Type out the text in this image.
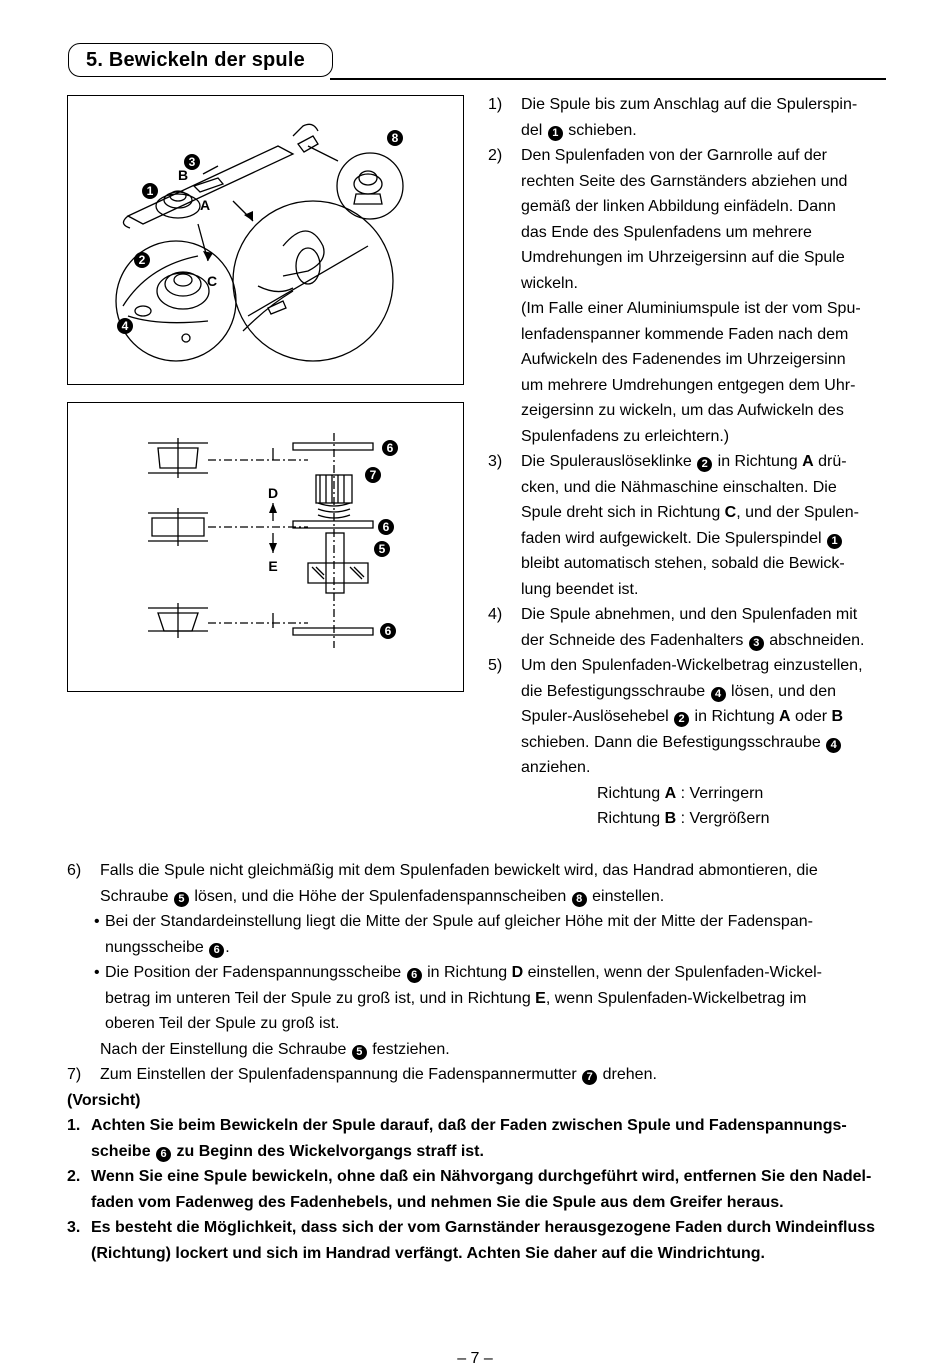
5. Bewickeln der spule
1
3
2
4
8
B
A
C
D
E
6
7
6
5
6
1) Die Spule bis zum Anschlag auf die Spulerspin-
del 1 schieben.
2) Den Spulenfaden von der Garnrolle auf der
rechten Seite des Garnständers abziehen und
gemäß der linken Abbildung einfädeln. Dann
das Ende des Spulenfadens um mehrere
Umdrehungen im Uhrzeigersinn auf die Spule
wickeln.
(Im Falle einer Aluminiumspule ist der vom Spu-
lenfadenspanner kommende Faden nach dem
Aufwickeln des Fadenendes im Uhrzeigersinn
um mehrere Umdrehungen entgegen dem Uhr-
zeigersinn zu wickeln, um das Aufwickeln des
Spulenfadens zu erleichtern.)
3) Die Spulerauslöseklinke 2 in Richtung A drü-
cken, und die Nähmaschine einschalten. Die
Spule dreht sich in Richtung C, und der Spulen-
faden wird aufgewickelt. Die Spulerspindel 1
bleibt automatisch stehen, sobald die Bewick-
lung beendet ist.
4) Die Spule abnehmen, und den Spulenfaden mit
der Schneide des Fadenhalters 3 abschneiden.
5) Um den Spulenfaden-Wickelbetrag einzustellen,
die Befestigungsschraube 4 lösen, und den
Spuler-Auslösehebel 2 in Richtung A oder B
schieben. Dann die Befestigungsschraube 4
anziehen.
Richtung A : Verringern
Richtung B : Vergrößern
6) Falls die Spule nicht gleichmäßig mit dem Spulenfaden bewickelt wird, das Handrad abmontieren, die
Schraube 5 lösen, und die Höhe der Spulenfadenspannscheiben 8 einstellen.
• Bei der Standardeinstellung liegt die Mitte der Spule auf gleicher Höhe mit der Mitte der Fadenspan-
nungsscheibe 6 .
• Die Position der Fadenspannungsscheibe 6 in Richtung D einstellen, wenn der Spulenfaden-Wickel-
betrag im unteren Teil der Spule zu groß ist, und in Richtung E, wenn Spulenfaden-Wickelbetrag im
oberen Teil der Spule zu groß ist.
Nach der Einstellung die Schraube 5 festziehen.
7) Zum Einstellen der Spulenfadenspannung die Fadenspannermutter 7 drehen.
(Vorsicht)
1. Achten Sie beim Bewickeln der Spule darauf, daß der Faden zwischen Spule und Fadenspannungs-
scheibe 6 zu Beginn des Wickelvorgangs straff ist.
2. Wenn Sie eine Spule bewickeln, ohne daß ein Nähvorgang durchgeführt wird, entfernen Sie den Nadel-
faden vom Fadenweg des Fadenhebels, und nehmen Sie die Spule aus dem Greifer heraus.
3. Es besteht die Möglichkeit, dass sich der vom Garnständer herausgezogene Faden durch Windeinfluss
(Richtung) lockert und sich im Handrad verfängt. Achten Sie daher auf die Windrichtung.
– 7 –
